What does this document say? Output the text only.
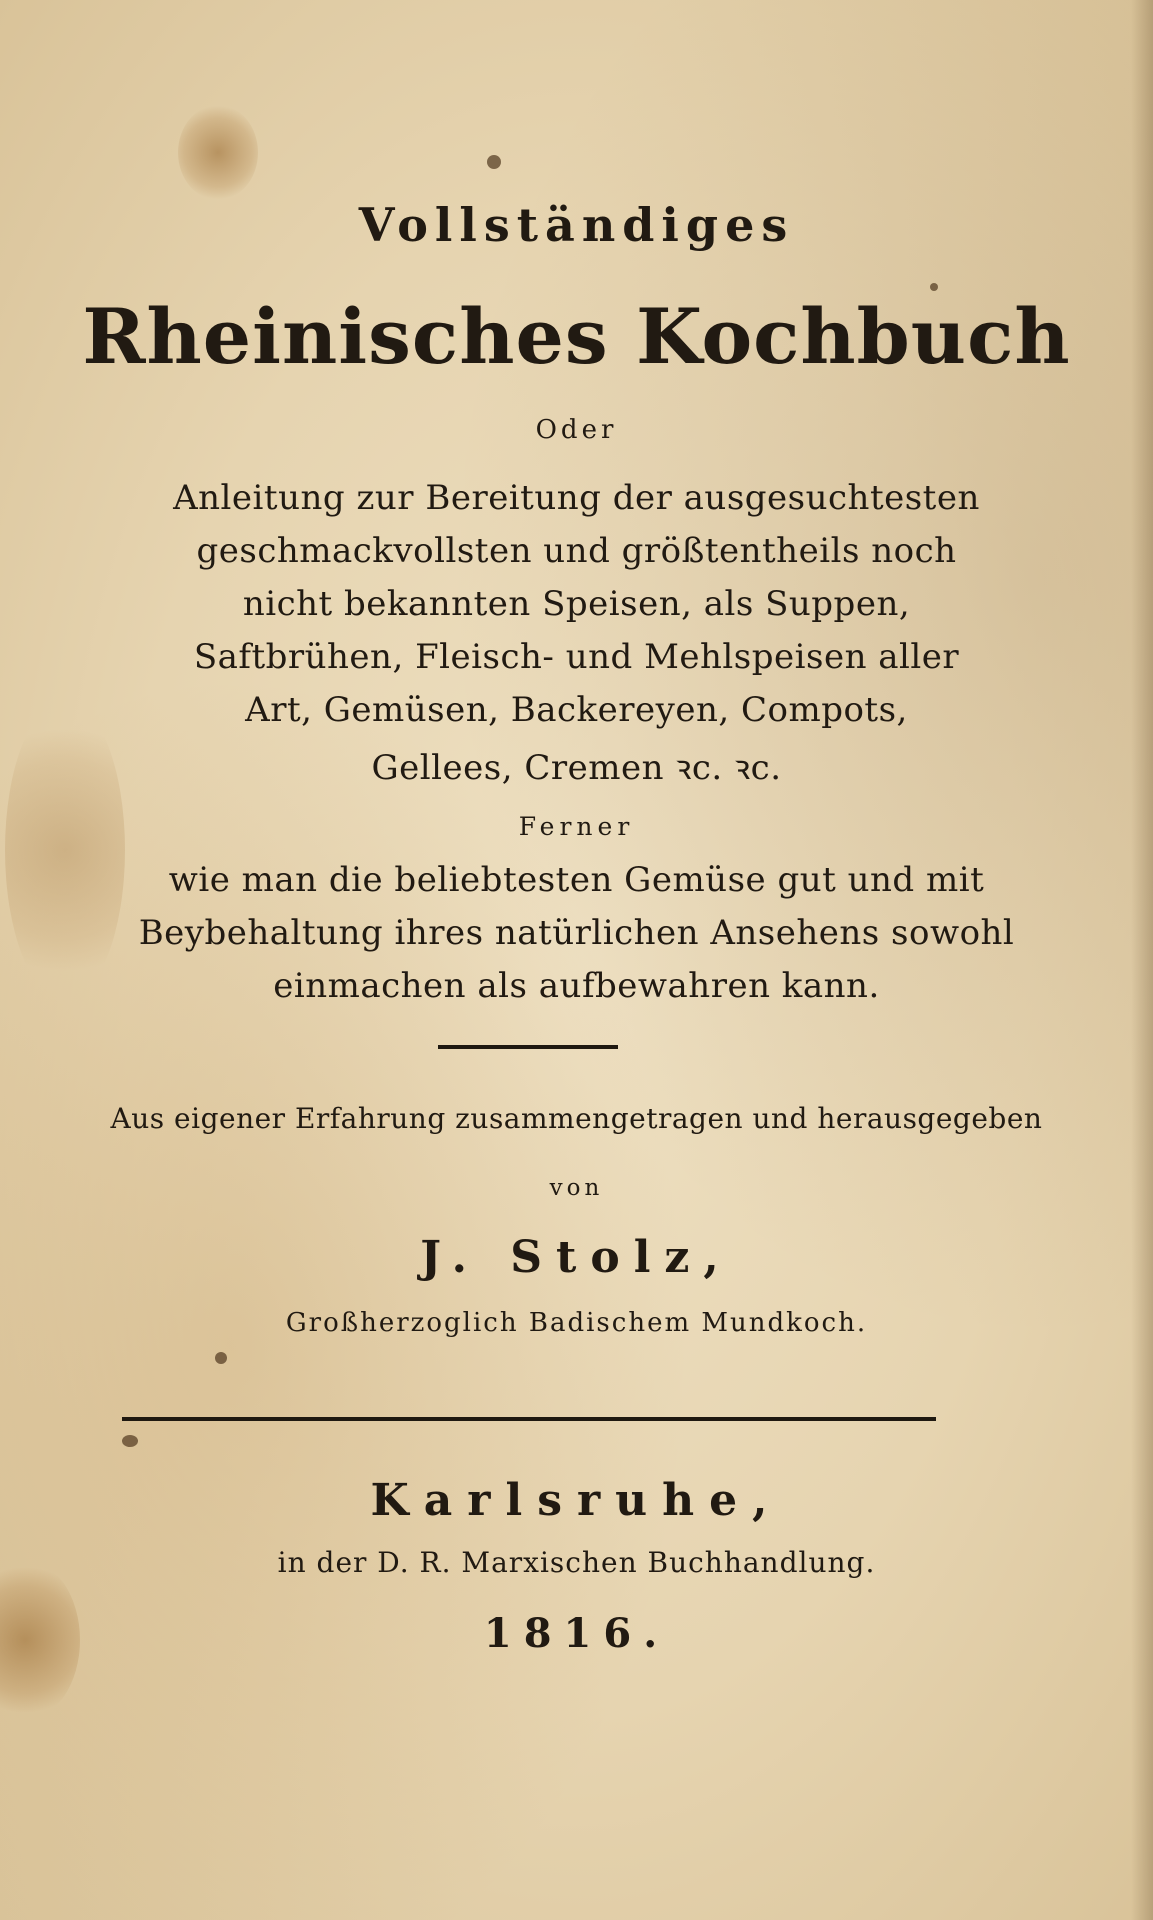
Vollständiges
Rheinisches Kochbuch
Oder
Anleitung zur Bereitung der ausgesuchtesten
geschmackvollsten und größtentheils noch
nicht bekannten Speisen, als Suppen,
Saftbrühen, Fleisch- und Mehlspeisen aller
Art, Gemüsen, Backereyen, Compots,
Gellees, Cremen ꝛc. ꝛc.
Ferner
wie man die beliebtesten Gemüse gut und mit
Beybehaltung ihres natürlichen Ansehens sowohl
einmachen als aufbewahren kann.
Aus eigener Erfahrung zusammengetragen und herausgegeben
von
J. Stolz,
Großherzoglich Badischem Mundkoch.
Karlsruhe,
in der D. R. Marxischen Buchhandlung.
1816.
